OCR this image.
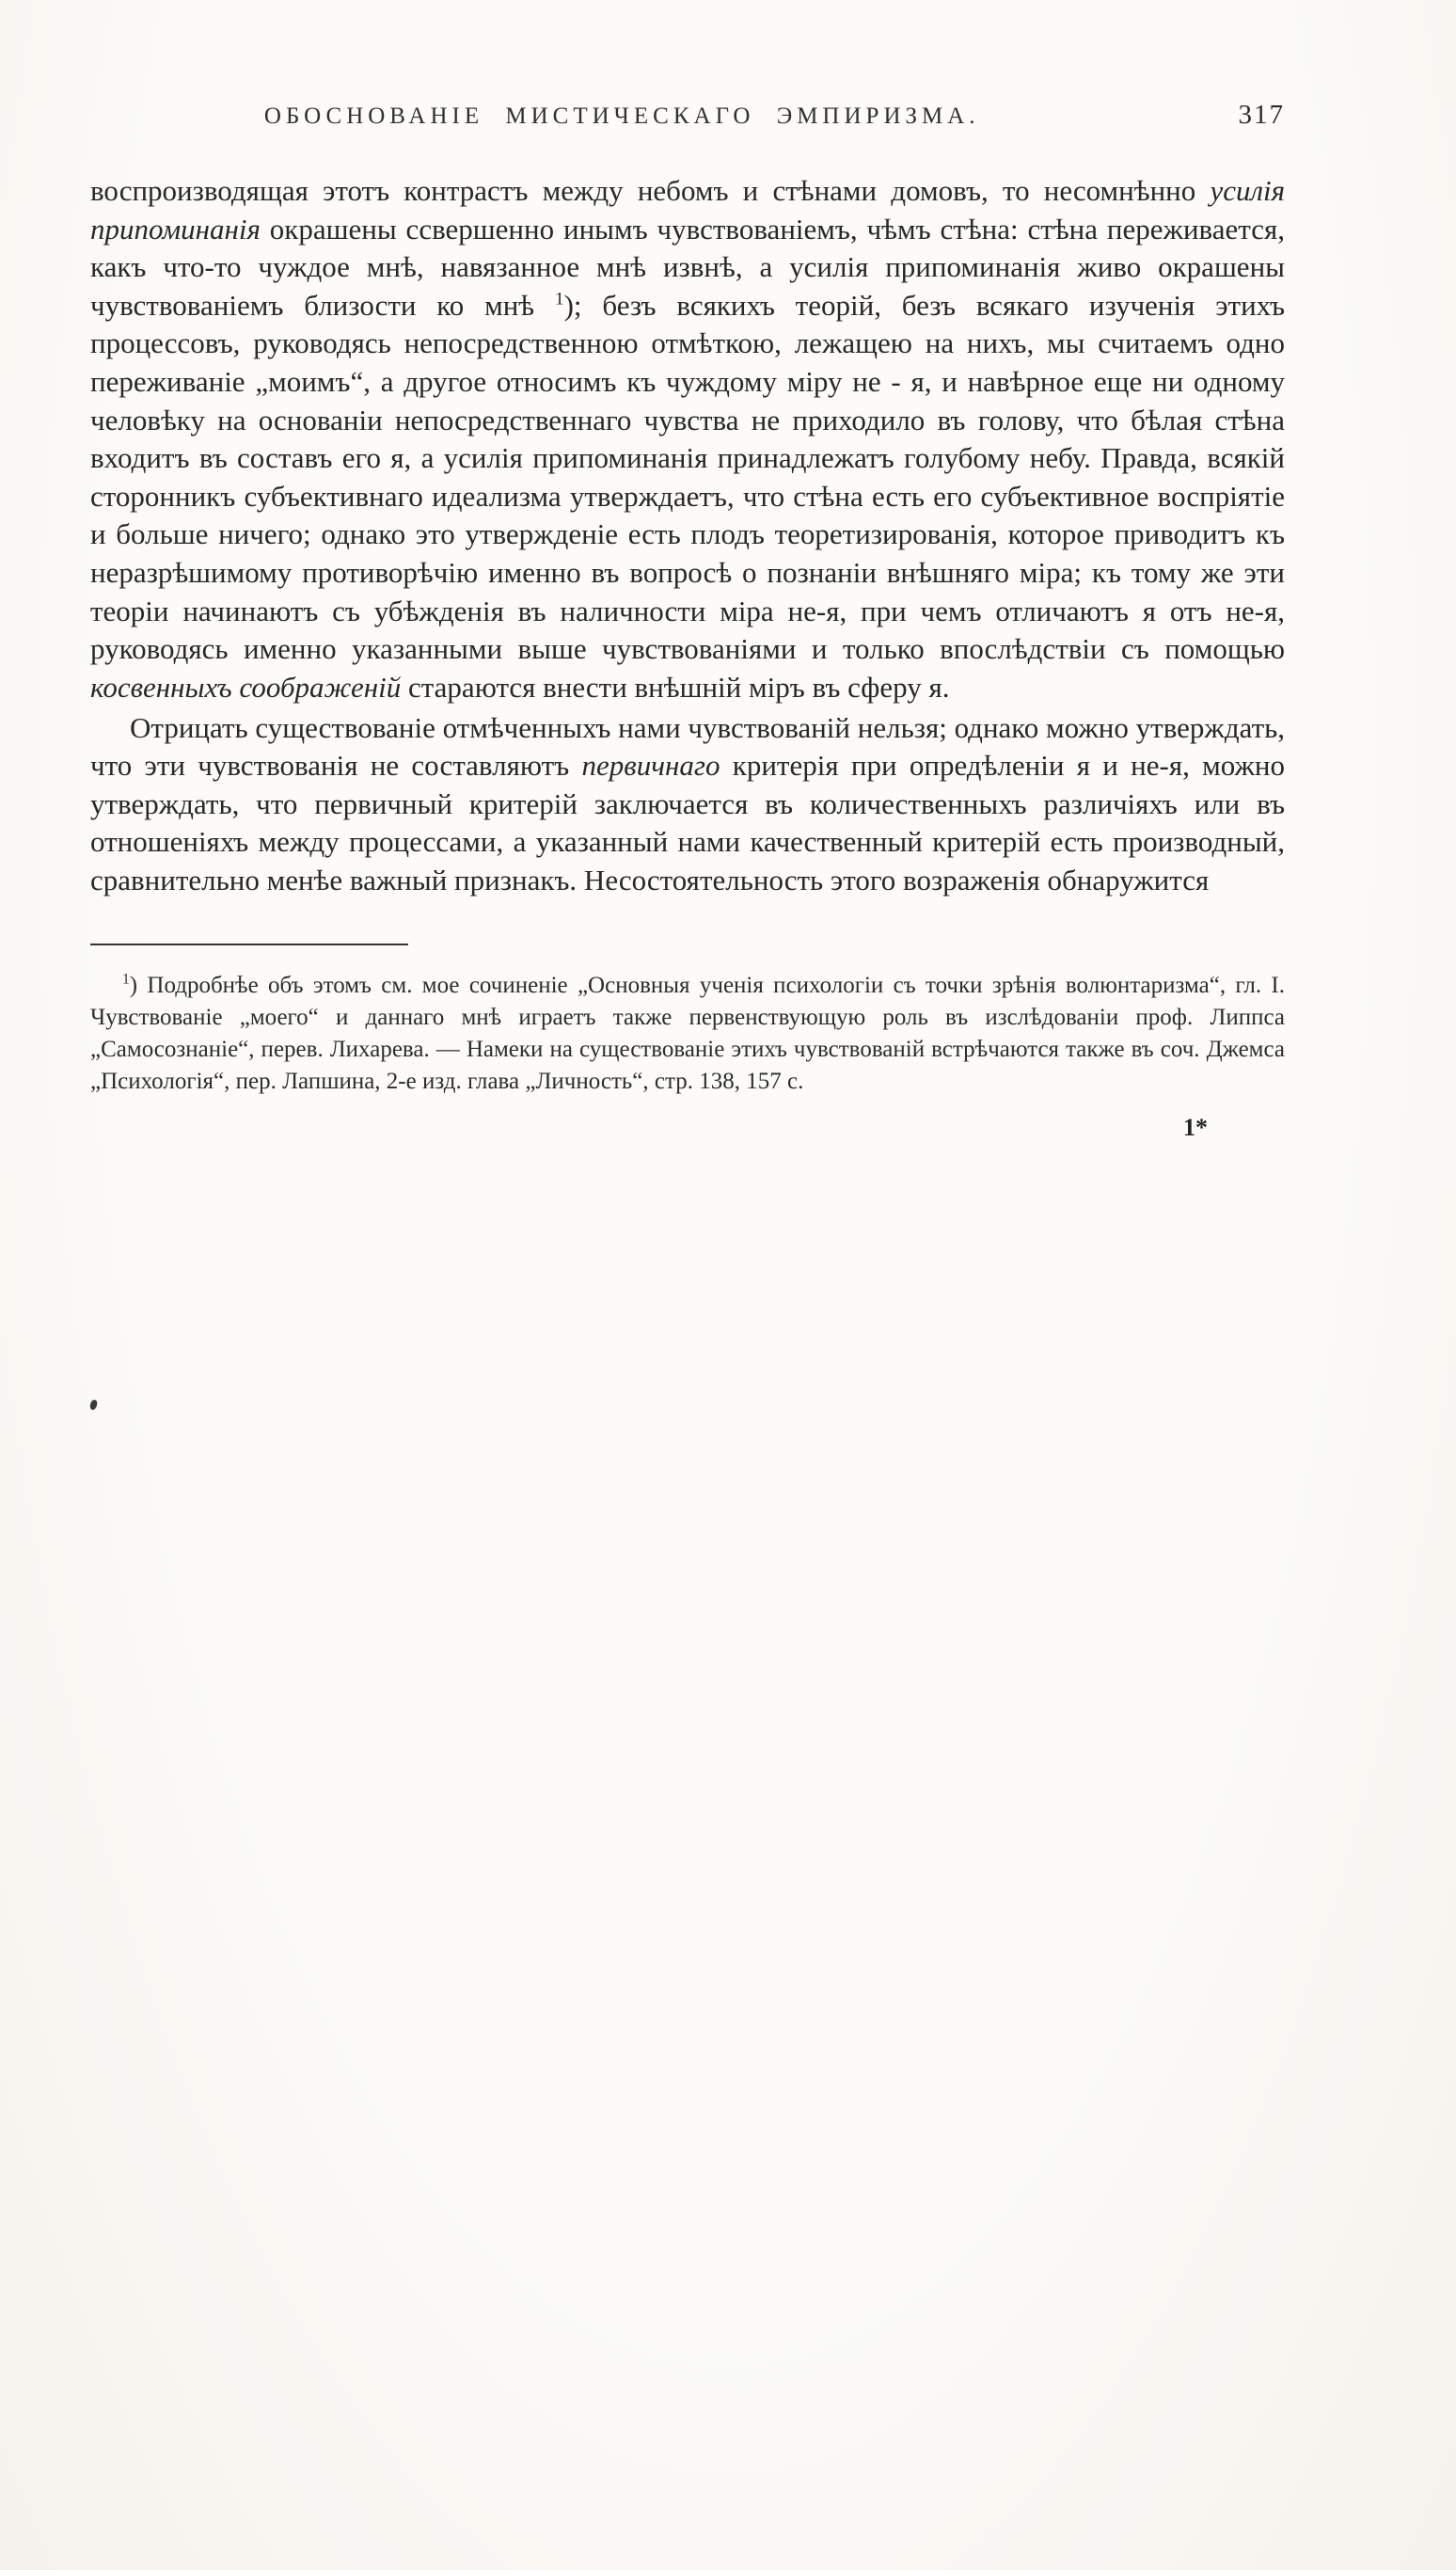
ОБОСНОВАНІЕ МИСТИЧЕСКАГО ЭМПИРИЗМА.	317

воспроизводящая этотъ контрастъ между небомъ и стѣнами домовъ, то несомнѣнно усилія припоминанія окрашены ссвершенно инымъ чувствованіемъ, чѣмъ стѣна: стѣна переживается, какъ что-то чуждое мнѣ, навязанное мнѣ извнѣ, а усилія припоминанія живо окрашены чувствованіемъ близости ко мнѣ $^1$); безъ всякихъ теорій, безъ всякаго изученія этихъ процессовъ, руководясь непосредственною отмѣткою, лежащею на нихъ, мы считаемъ одно переживаніе „моимъ“, а другое относимъ къ чуждому міру не - я, и навѣрное еще ни одному человѣку на основаніи непосредственнаго чувства не приходило въ голову, что бѣлая стѣна входитъ въ составъ его я, а усилія припоминанія принадлежатъ голубому небу. Правда, всякій сторонникъ субъективнаго идеализма утверждаетъ, что стѣна есть его субъективное воспріятіе и больше ничего; однако это утвержденіе есть плодъ теоретизированія, которое приводитъ къ неразрѣшимому противорѣчію именно въ вопросѣ о познаніи внѣшняго міра; къ тому же эти теоріи начинаютъ съ убѣжденія въ наличности міра не-я, при чемъ отличаютъ я отъ не-я, руководясь именно указанными выше чувствованіями и только впослѣдствіи съ помощью косвенныхъ соображеній стараются внести внѣшній міръ въ сферу я.

Отрицать существованіе отмѣченныхъ нами чувствованій нельзя; однако можно утверждать, что эти чувствованія не составляютъ первичнаго критерія при опредѣленіи я и не-я, можно утверждать, что первичный критерій заключается въ количественныхъ различіяхъ или въ отношеніяхъ между процессами, а указанный нами качественный критерій есть производный, сравнительно менѣе важный признакъ. Несостоятельность этого возраженія обнаружится

$^1$) Подробнѣе объ этомъ см. мое сочиненіе „Основныя ученія психологіи съ точки зрѣнія волюнтаризма“, гл. I. Чувствованіе „моего“ и даннаго мнѣ играетъ также первенствующую роль въ изслѣдованіи проф. Липпса „Самосознаніе“, перев. Лихарева. — Намеки на существованіе этихъ чувствованій встрѣчаются также въ соч. Джемса „Психологія“, пер. Лапшина, 2-е изд. глава „Личность“, стр. 138, 157 с.

1*
